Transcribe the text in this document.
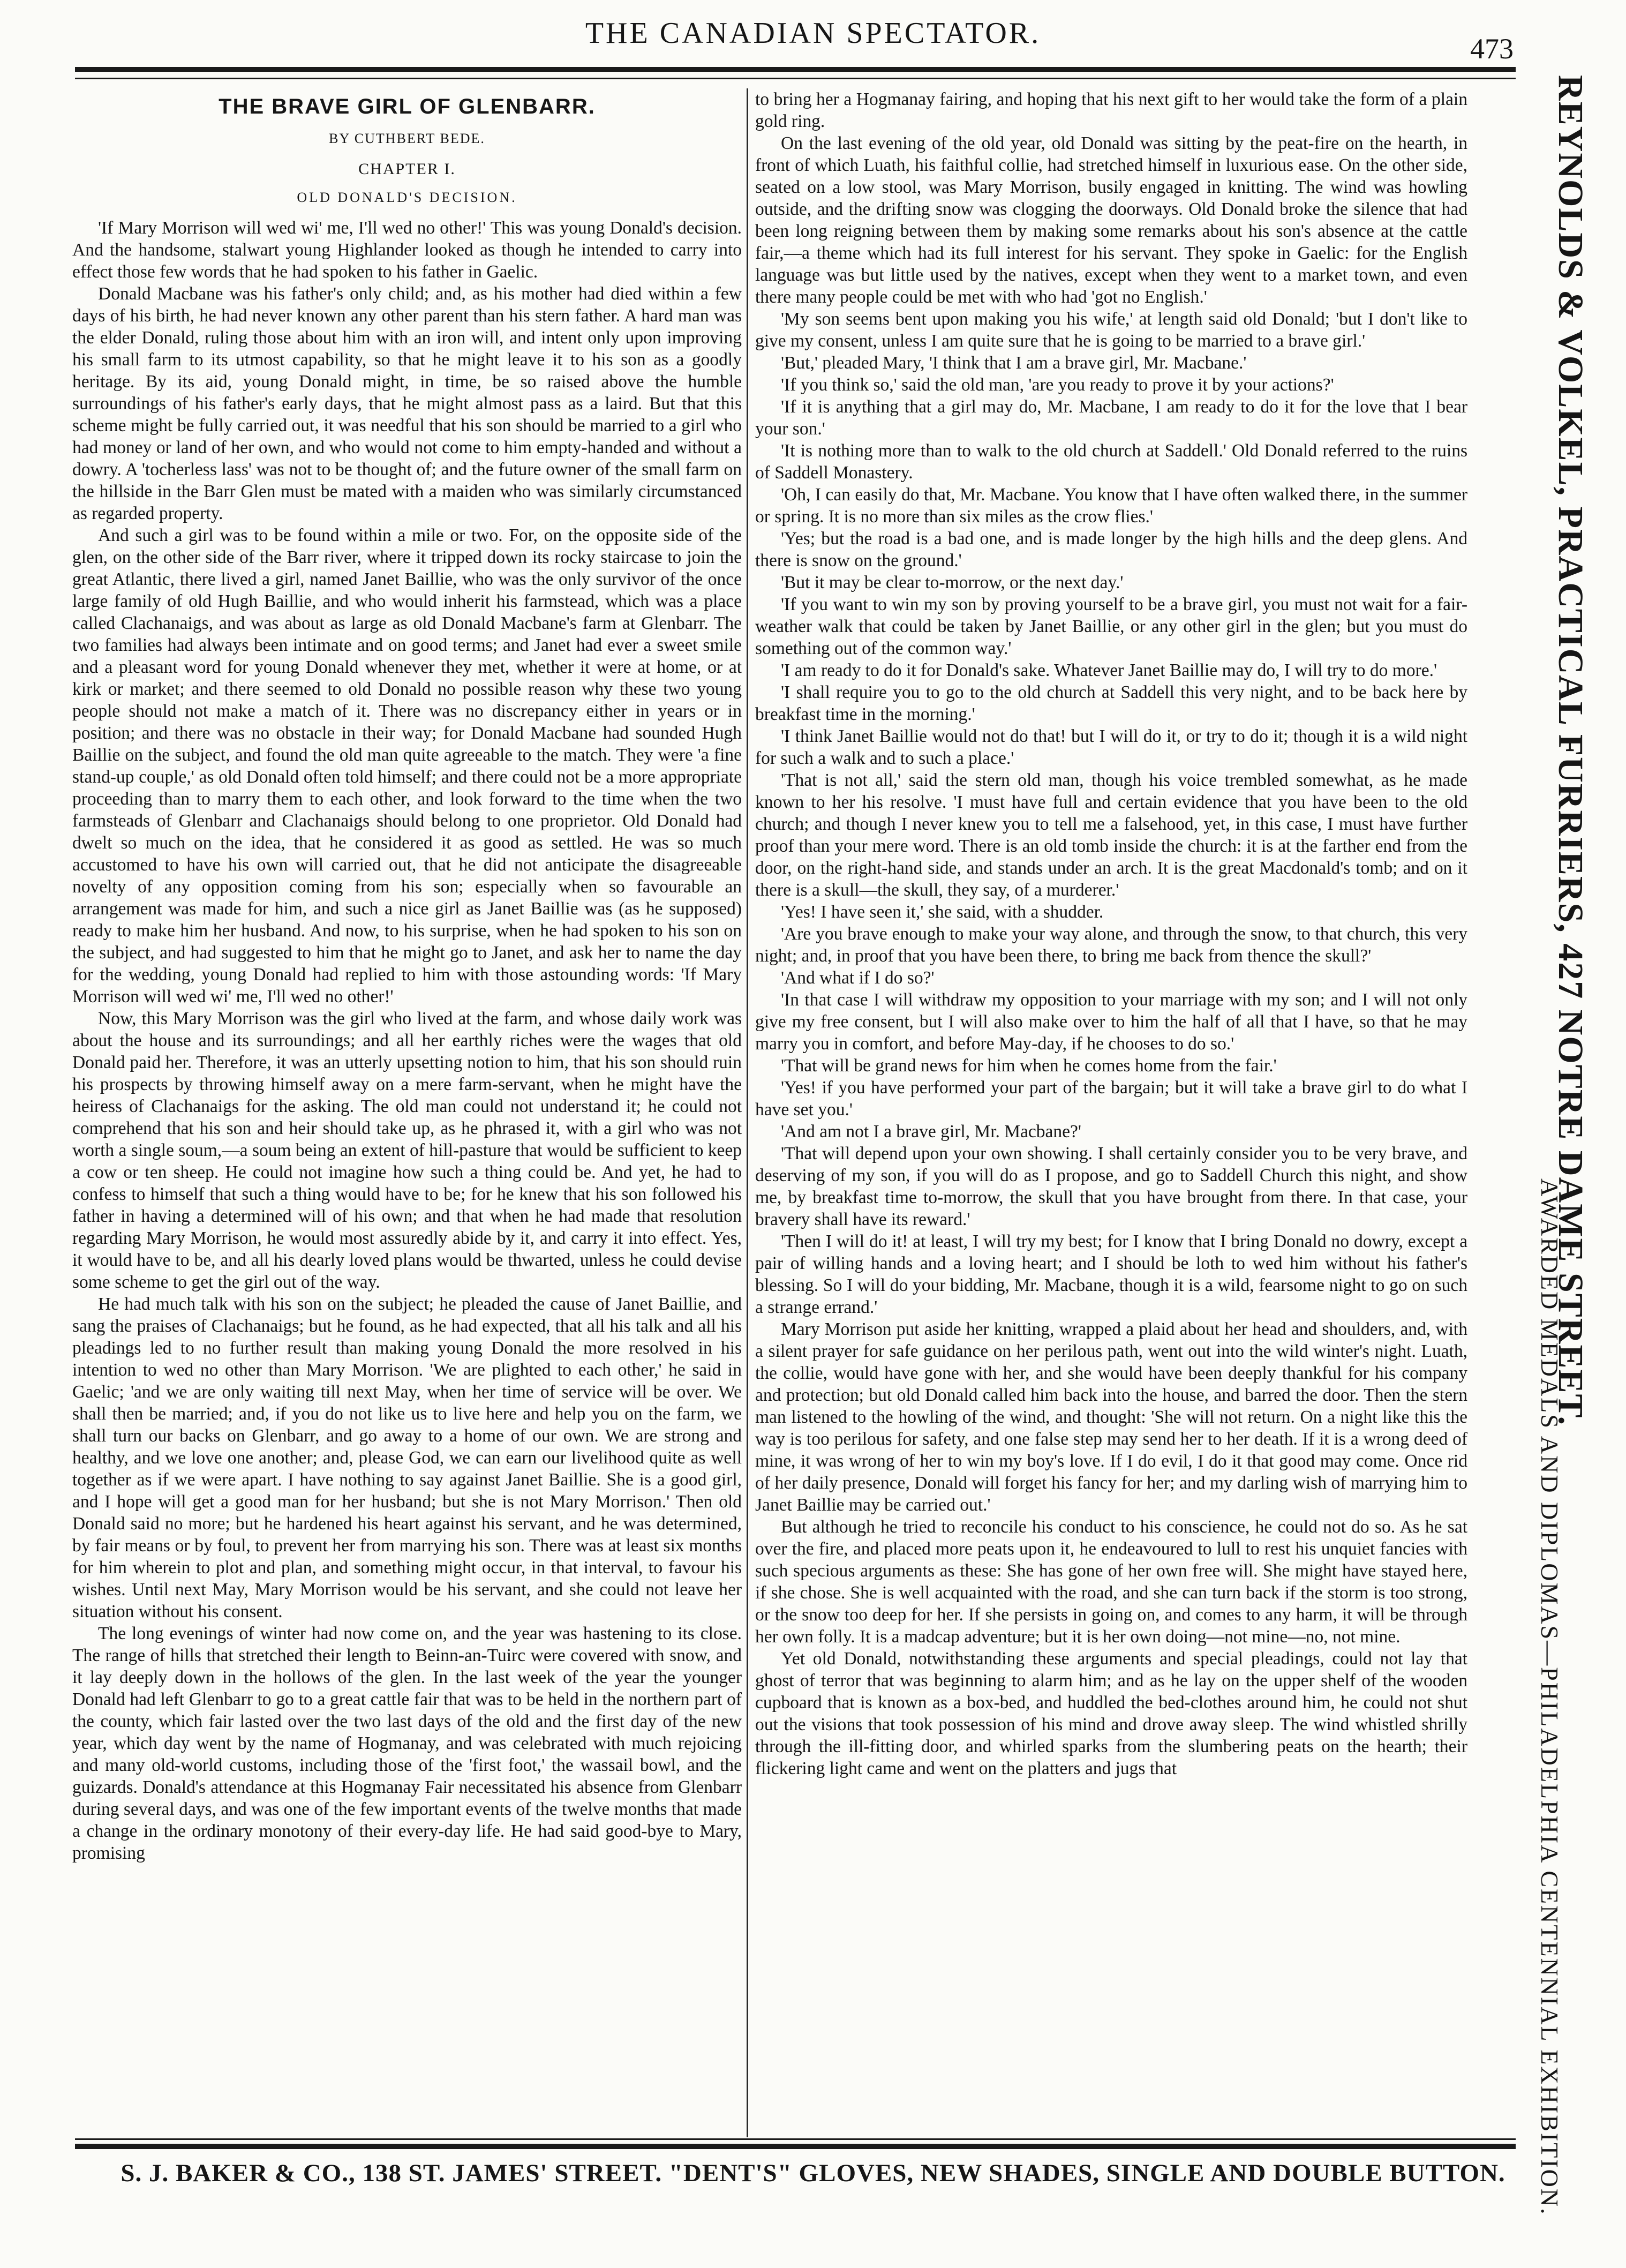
THE CANADIAN SPECTATOR.	473
THE BRAVE GIRL OF GLENBARR.
BY CUTHBERT BEDE.
CHAPTER I.
OLD DONALD'S DECISION.

'If Mary Morrison will wed wi' me, I'll wed no other!' This was young Donald's decision. And the handsome, stalwart young Highlander looked as though he intended to carry into effect those few words that he had spoken to his father in Gaelic.

Donald Macbane was his father's only child; and, as his mother had died within a few days of his birth, he had never known any other parent than his stern father. A hard man was the elder Donald, ruling those about him with an iron will, and intent only upon improving his small farm to its utmost capability, so that he might leave it to his son as a goodly heritage. By its aid, young Donald might, in time, be so raised above the humble surroundings of his father's early days, that he might almost pass as a laird. But that this scheme might be fully carried out, it was needful that his son should be married to a girl who had money or land of her own, and who would not come to him empty-handed and without a dowry. A 'tocherless lass' was not to be thought of; and the future owner of the small farm on the hillside in the Barr Glen must be mated with a maiden who was similarly circumstanced as regarded property.

And such a girl was to be found within a mile or two. For, on the opposite side of the glen, on the other side of the Barr river, where it tripped down its rocky staircase to join the great Atlantic, there lived a girl, named Janet Baillie, who was the only survivor of the once large family of old Hugh Baillie, and who would inherit his farmstead, which was a place called Clachanaigs, and was about as large as old Donald Macbane's farm at Glenbarr. The two families had always been intimate and on good terms; and Janet had ever a sweet smile and a pleasant word for young Donald whenever they met, whether it were at home, or at kirk or market; and there seemed to old Donald no possible reason why these two young people should not make a match of it. There was no discrepancy either in years or in position; and there was no obstacle in their way; for Donald Macbane had sounded Hugh Baillie on the subject, and found the old man quite agreeable to the match. They were 'a fine stand-up couple,' as old Donald often told himself; and there could not be a more appropriate proceeding than to marry them to each other, and look forward to the time when the two farmsteads of Glenbarr and Clachanaigs should belong to one proprietor. Old Donald had dwelt so much on the idea, that he considered it as good as settled. He was so much accustomed to have his own will carried out, that he did not anticipate the disagreeable novelty of any opposition coming from his son; especially when so favourable an arrangement was made for him, and such a nice girl as Janet Baillie was (as he supposed) ready to make him her husband. And now, to his surprise, when he had spoken to his son on the subject, and had suggested to him that he might go to Janet, and ask her to name the day for the wedding, young Donald had replied to him with those astounding words: 'If Mary Morrison will wed wi' me, I'll wed no other!'

Now, this Mary Morrison was the girl who lived at the farm, and whose daily work was about the house and its surroundings; and all her earthly riches were the wages that old Donald paid her. Therefore, it was an utterly upsetting notion to him, that his son should ruin his prospects by throwing himself away on a mere farm-servant, when he might have the heiress of Clachanaigs for the asking. The old man could not understand it; he could not comprehend that his son and heir should take up, as he phrased it, with a girl who was not worth a single soum,—a soum being an extent of hill-pasture that would be sufficient to keep a cow or ten sheep. He could not imagine how such a thing could be. And yet, he had to confess to himself that such a thing would have to be; for he knew that his son followed his father in having a determined will of his own; and that when he had made that resolution regarding Mary Morrison, he would most assuredly abide by it, and carry it into effect. Yes, it would have to be, and all his dearly loved plans would be thwarted, unless he could devise some scheme to get the girl out of the way.

He had much talk with his son on the subject; he pleaded the cause of Janet Baillie, and sang the praises of Clachanaigs; but he found, as he had expected, that all his talk and all his pleadings led to no further result than making young Donald the more resolved in his intention to wed no other than Mary Morrison. 'We are plighted to each other,' he said in Gaelic; 'and we are only waiting till next May, when her time of service will be over. We shall then be married; and, if you do not like us to live here and help you on the farm, we shall turn our backs on Glenbarr, and go away to a home of our own. We are strong and healthy, and we love one another; and, please God, we can earn our livelihood quite as well together as if we were apart. I have nothing to say against Janet Baillie. She is a good girl, and I hope will get a good man for her husband; but she is not Mary Morrison.' Then old Donald said no more; but he hardened his heart against his servant, and he was determined, by fair means or by foul, to prevent her from marrying his son. There was at least six months for him wherein to plot and plan, and something might occur, in that interval, to favour his wishes. Until next May, Mary Morrison would be his servant, and she could not leave her situation without his consent.

The long evenings of winter had now come on, and the year was hastening to its close. The range of hills that stretched their length to Beinn-an-Tuirc were covered with snow, and it lay deeply down in the hollows of the glen. In the last week of the year the younger Donald had left Glenbarr to go to a great cattle fair that was to be held in the northern part of the county, which fair lasted over the two last days of the old and the first day of the new year, which day went by the name of Hogmanay, and was celebrated with much rejoicing and many old-world customs, including those of the 'first foot,' the wassail bowl, and the guizards. Donald's attendance at this Hogmanay Fair necessitated his absence from Glenbarr during several days, and was one of the few important events of the twelve months that made a change in the ordinary monotony of their every-day life. He had said good-bye to Mary, promising

to bring her a Hogmanay fairing, and hoping that his next gift to her would take the form of a plain gold ring.

On the last evening of the old year, old Donald was sitting by the peat-fire on the hearth, in front of which Luath, his faithful collie, had stretched himself in luxurious ease. On the other side, seated on a low stool, was Mary Morrison, busily engaged in knitting. The wind was howling outside, and the drifting snow was clogging the doorways. Old Donald broke the silence that had been long reigning between them by making some remarks about his son's absence at the cattle fair,—a theme which had its full interest for his servant. They spoke in Gaelic: for the English language was but little used by the natives, except when they went to a market town, and even there many people could be met with who had 'got no English.'

'My son seems bent upon making you his wife,' at length said old Donald; 'but I don't like to give my consent, unless I am quite sure that he is going to be married to a brave girl.'

'But,' pleaded Mary, 'I think that I am a brave girl, Mr. Macbane.'

'If you think so,' said the old man, 'are you ready to prove it by your actions?'

'If it is anything that a girl may do, Mr. Macbane, I am ready to do it for the love that I bear your son.'

'It is nothing more than to walk to the old church at Saddell.' Old Donald referred to the ruins of Saddell Monastery.

'Oh, I can easily do that, Mr. Macbane. You know that I have often walked there, in the summer or spring. It is no more than six miles as the crow flies.'

'Yes; but the road is a bad one, and is made longer by the high hills and the deep glens. And there is snow on the ground.'

'But it may be clear to-morrow, or the next day.'

'If you want to win my son by proving yourself to be a brave girl, you must not wait for a fair-weather walk that could be taken by Janet Baillie, or any other girl in the glen; but you must do something out of the common way.'

'I am ready to do it for Donald's sake. Whatever Janet Baillie may do, I will try to do more.'

'I shall require you to go to the old church at Saddell this very night, and to be back here by breakfast time in the morning.'

'I think Janet Baillie would not do that! but I will do it, or try to do it; though it is a wild night for such a walk and to such a place.'

'That is not all,' said the stern old man, though his voice trembled somewhat, as he made known to her his resolve. 'I must have full and certain evidence that you have been to the old church; and though I never knew you to tell me a falsehood, yet, in this case, I must have further proof than your mere word. There is an old tomb inside the church: it is at the farther end from the door, on the right-hand side, and stands under an arch. It is the great Macdonald's tomb; and on it there is a skull—the skull, they say, of a murderer.'

'Yes! I have seen it,' she said, with a shudder.

'Are you brave enough to make your way alone, and through the snow, to that church, this very night; and, in proof that you have been there, to bring me back from thence the skull?'

'And what if I do so?'

'In that case I will withdraw my opposition to your marriage with my son; and I will not only give my free consent, but I will also make over to him the half of all that I have, so that he may marry you in comfort, and before May-day, if he chooses to do so.'

'That will be grand news for him when he comes home from the fair.'

'Yes! if you have performed your part of the bargain; but it will take a brave girl to do what I have set you.'

'And am not I a brave girl, Mr. Macbane?'

'That will depend upon your own showing. I shall certainly consider you to be very brave, and deserving of my son, if you will do as I propose, and go to Saddell Church this night, and show me, by breakfast time to-morrow, the skull that you have brought from there. In that case, your bravery shall have its reward.'

'Then I will do it! at least, I will try my best; for I know that I bring Donald no dowry, except a pair of willing hands and a loving heart; and I should be loth to wed him without his father's blessing. So I will do your bidding, Mr. Macbane, though it is a wild, fearsome night to go on such a strange errand.'

Mary Morrison put aside her knitting, wrapped a plaid about her head and shoulders, and, with a silent prayer for safe guidance on her perilous path, went out into the wild winter's night. Luath, the collie, would have gone with her, and she would have been deeply thankful for his company and protection; but old Donald called him back into the house, and barred the door. Then the stern man listened to the howling of the wind, and thought: 'She will not return. On a night like this the way is too perilous for safety, and one false step may send her to her death. If it is a wrong deed of mine, it was wrong of her to win my boy's love. If I do evil, I do it that good may come. Once rid of her daily presence, Donald will forget his fancy for her; and my darling wish of marrying him to Janet Baillie may be carried out.'

But although he tried to reconcile his conduct to his conscience, he could not do so. As he sat over the fire, and placed more peats upon it, he endeavoured to lull to rest his unquiet fancies with such specious arguments as these: She has gone of her own free will. She might have stayed here, if she chose. She is well acquainted with the road, and she can turn back if the storm is too strong, or the snow too deep for her. If she persists in going on, and comes to any harm, it will be through her own folly. It is a madcap adventure; but it is her own doing—not mine—no, not mine.

Yet old Donald, notwithstanding these arguments and special pleadings, could not lay that ghost of terror that was beginning to alarm him; and as he lay on the upper shelf of the wooden cupboard that is known as a box-bed, and huddled the bed-clothes around him, he could not shut out the visions that took possession of his mind and drove away sleep. The wind whistled shrilly through the ill-fitting door, and whirled sparks from the slumbering peats on the hearth; their flickering light came and went on the platters and jugs that

REYNOLDS & VOLKEL, PRACTICAL FURRIERS, 427 NOTRE DAME STREET.
AWARDED MEDALS AND DIPLOMAS—PHILADELPHIA CENTENNIAL EXHIBITION.
S. J. BAKER & CO., 138 ST. JAMES' STREET. "DENT'S" GLOVES, NEW SHADES, SINGLE AND DOUBLE BUTTON.
